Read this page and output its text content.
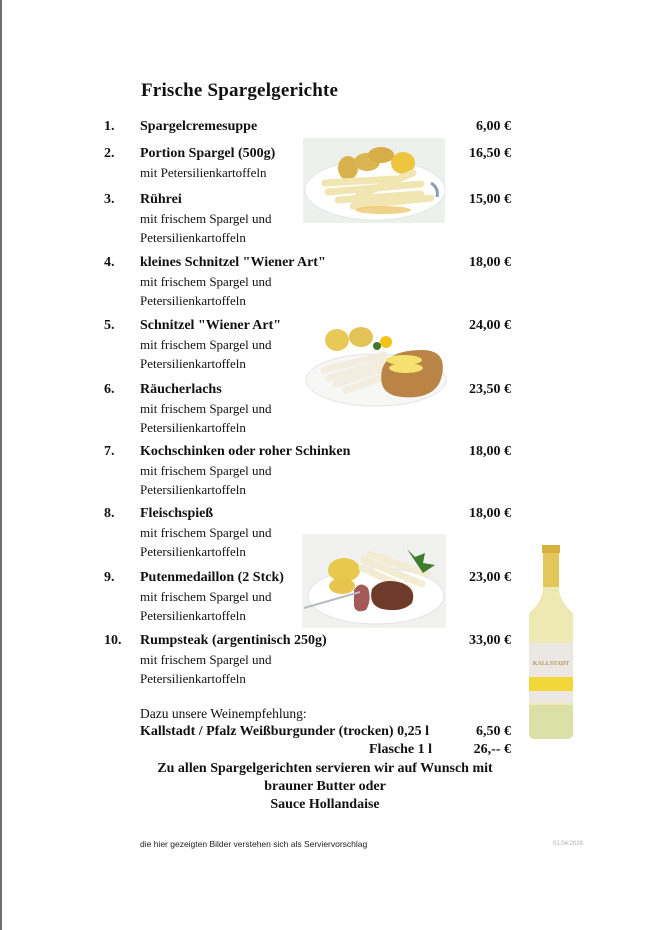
Frische Spargelgerichte
1. Spargelcremesuppe	6,00 €
2. Portion Spargel (500g)
mit Petersilienkartoffeln
16,50 €
3. Rührei
mit frischem Spargel und Petersilienkartoffeln
15,00 €
4. kleines Schnitzel "Wiener Art"
mit frischem Spargel und Petersilienkartoffeln
18,00 €
5. Schnitzel "Wiener Art"
mit frischem Spargel und Petersilienkartoffeln
24,00 €
6. Räucherlachs
mit frischem Spargel und Petersilienkartoffeln
23,50 €
7. Kochschinken oder roher Schinken
mit frischem Spargel und Petersilienkartoffeln
18,00 €
8. Fleischspieß
mit frischem Spargel und Petersilienkartoffeln
18,00 €
9. Putenmedaillon (2 Stck)
mit frischem Spargel und Petersilienkartoffeln
23,00 €
10. Rumpsteak (argentinisch 250g)
mit frischem Spargel und Petersilienkartoffeln
33,00 €
KALLSTADT
Dazu unsere Weinempfehlung:
Kallstadt / Pfalz Weißburgunder (trocken) 0,25 l	6,50 €
Flasche 1 l	26,-- €
Zu allen Spargelgerichten servieren wir auf Wunsch mit
brauner Butter oder
Sauce Hollandaise
die hier gezeigten Bilder verstehen sich als Serviervorschlag	01.04.2026
